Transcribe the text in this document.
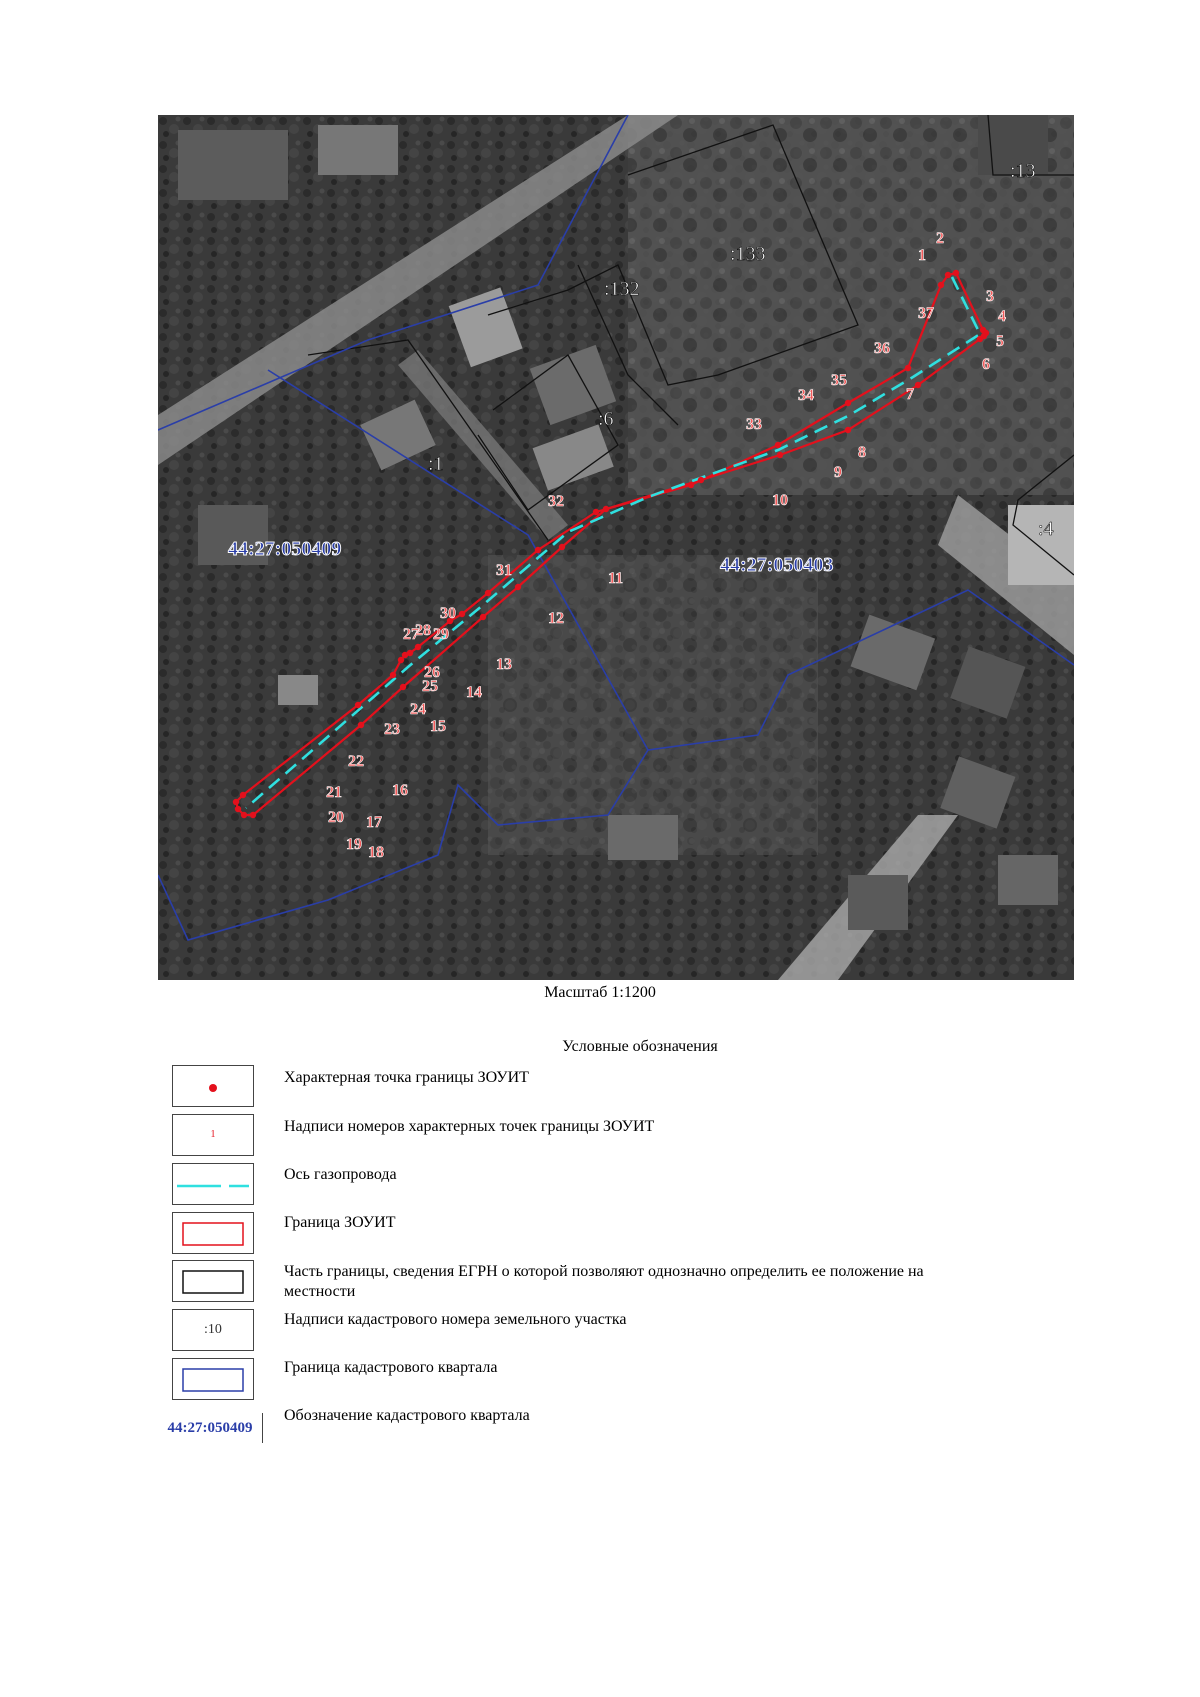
1
2
3
4
5
6
7
8
9
10
11
12
13
14
15
16
17
18
19
20
21
22
23
24
25
26
27
28 29
30
31
32
33
34
35
36
37
:13
:133
:132
:6
:1
:4
44:27:050409
44:27:050403
Масштаб 1:1200
Условные обозначения
Характерная точка границы ЗОУИТ
1	Надписи номеров характерных точек границы ЗОУИТ
Ось газопровода
Граница ЗОУИТ
Часть границы, сведения ЕГРН о которой позволяют однозначно определить ее положение на
местности
:10
Надписи кадастрового номера земельного участка
Граница кадастрового квартала
44:27:050409
Обозначение кадастрового квартала
